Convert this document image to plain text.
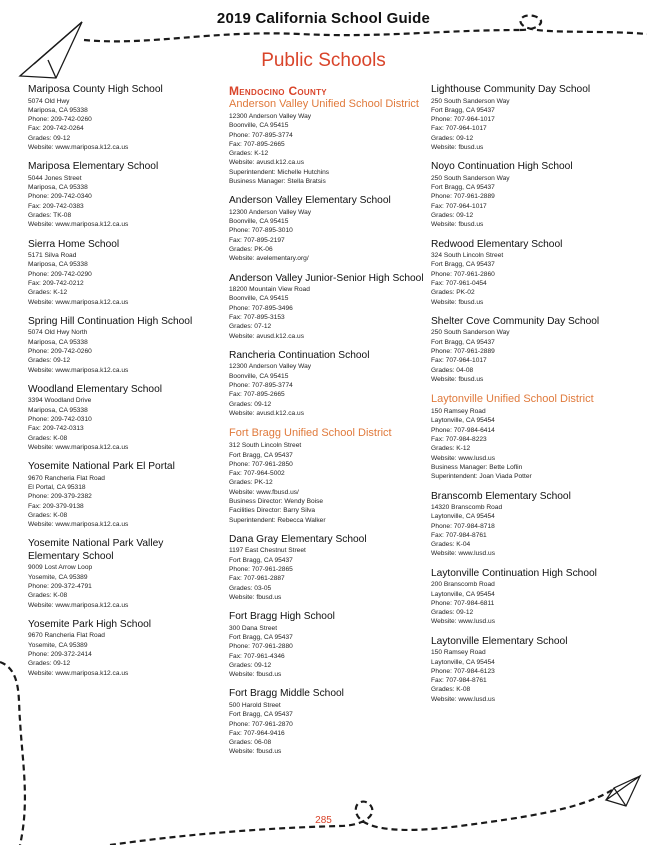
2019 California School Guide
Public Schools
Mariposa County High School
5074 Old Hwy
Mariposa, CA 95338
Phone: 209-742-0260
Fax: 209-742-0264
Grades: 09-12
Website: www.mariposa.k12.ca.us
Mariposa Elementary School
5044 Jones Street
Mariposa, CA 95338
Phone: 209-742-0340
Fax: 209-742-0383
Grades: TK-08
Website: www.mariposa.k12.ca.us
Sierra Home School
5171 Silva Road
Mariposa, CA 95338
Phone: 209-742-0290
Fax: 209-742-0212
Grades: K-12
Website: www.mariposa.k12.ca.us
Spring Hill Continuation High School
5074 Old Hwy North
Mariposa, CA 95338
Phone: 209-742-0260
Grades: 09-12
Website: www.mariposa.k12.ca.us
Woodland Elementary School
3394 Woodland Drive
Mariposa, CA 95338
Phone: 209-742-0310
Fax: 209-742-0313
Grades: K-08
Website: www.mariposa.k12.ca.us
Yosemite National Park El Portal
9670 Rancheria Flat Road
El Portal, CA 95318
Phone: 209-379-2382
Fax: 209-379-9138
Grades: K-08
Website: www.mariposa.k12.ca.us
Yosemite National Park Valley
Elementary School
9009 Lost Arrow Loop
Yosemite, CA 95389
Phone: 209-372-4791
Grades: K-08
Website: www.mariposa.k12.ca.us
Yosemite Park High School
9670 Rancheria Flat Road
Yosemite, CA 95389
Phone: 209-372-2414
Grades: 09-12
Website: www.mariposa.k12.ca.us
Mendocino County
Anderson Valley Unified School District
12300 Anderson Valley Way
Boonville, CA 95415
Phone: 707-895-3774
Fax: 707-895-2665
Grades: K-12
Website: avusd.k12.ca.us
Superintendent: Michelle Hutchins
Business Manager: Stella Bratsis
Anderson Valley Elementary School
12300 Anderson Valley Way
Boonville, CA 95415
Phone: 707-895-3010
Fax: 707-895-2197
Grades: PK-06
Website: avelementary.org/
Anderson Valley Junior-Senior High School
18200 Mountain View Road
Boonville, CA 95415
Phone: 707-895-3496
Fax: 707-895-3153
Grades: 07-12
Website: avusd.k12.ca.us
Rancheria Continuation School
12300 Anderson Valley Way
Boonville, CA 95415
Phone: 707-895-3774
Fax: 707-895-2665
Grades: 09-12
Website: avusd.k12.ca.us
Fort Bragg Unified School District
312 South Lincoln Street
Fort Bragg, CA 95437
Phone: 707-961-2850
Fax: 707-964-5002
Grades: PK-12
Website: www.fbusd.us/
Business Director: Wendy Boise
Facilities Director: Barry Silva
Superintendent: Rebecca Walker
Dana Gray Elementary School
1197 East Chestnut Street
Fort Bragg, CA 95437
Phone: 707-961-2865
Fax: 707-961-2887
Grades: 03-05
Website: fbusd.us
Fort Bragg High School
300 Dana Street
Fort Bragg, CA 95437
Phone: 707-961-2880
Fax: 707-961-4346
Grades: 09-12
Website: fbusd.us
Fort Bragg Middle School
500 Harold Street
Fort Bragg, CA 95437
Phone: 707-961-2870
Fax: 707-964-9416
Grades: 06-08
Website: fbusd.us
Lighthouse Community Day School
250 South Sanderson Way
Fort Bragg, CA 95437
Phone: 707-964-1017
Fax: 707-964-1017
Grades: 09-12
Website: fbusd.us
Noyo Continuation High School
250 South Sanderson Way
Fort Bragg, CA 95437
Phone: 707-961-2889
Fax: 707-964-1017
Grades: 09-12
Website: fbusd.us
Redwood Elementary School
324 South Lincoln Street
Fort Bragg, CA 95437
Phone: 707-961-2860
Fax: 707-961-0454
Grades: PK-02
Website: fbusd.us
Shelter Cove Community Day School
250 South Sanderson Way
Fort Bragg, CA 95437
Phone: 707-961-2889
Fax: 707-964-1017
Grades: 04-08
Website: fbusd.us
Laytonville Unified School District
150 Ramsey Road
Laytonville, CA 95454
Phone: 707-984-6414
Fax: 707-984-8223
Grades: K-12
Website: www.lusd.us
Business Manager: Bette Loflin
Superintendent: Joan Viada Potter
Branscomb Elementary School
14320 Branscomb Road
Laytonville, CA 95454
Phone: 707-984-8718
Fax: 707-984-8761
Grades: K-04
Website: www.lusd.us
Laytonville Continuation High School
200 Branscomb Road
Laytonville, CA 95454
Phone: 707-984-6811
Grades: 09-12
Website: www.lusd.us
Laytonville Elementary School
150 Ramsey Road
Laytonville, CA 95454
Phone: 707-984-6123
Fax: 707-984-8761
Grades: K-08
Website: www.lusd.us
285
